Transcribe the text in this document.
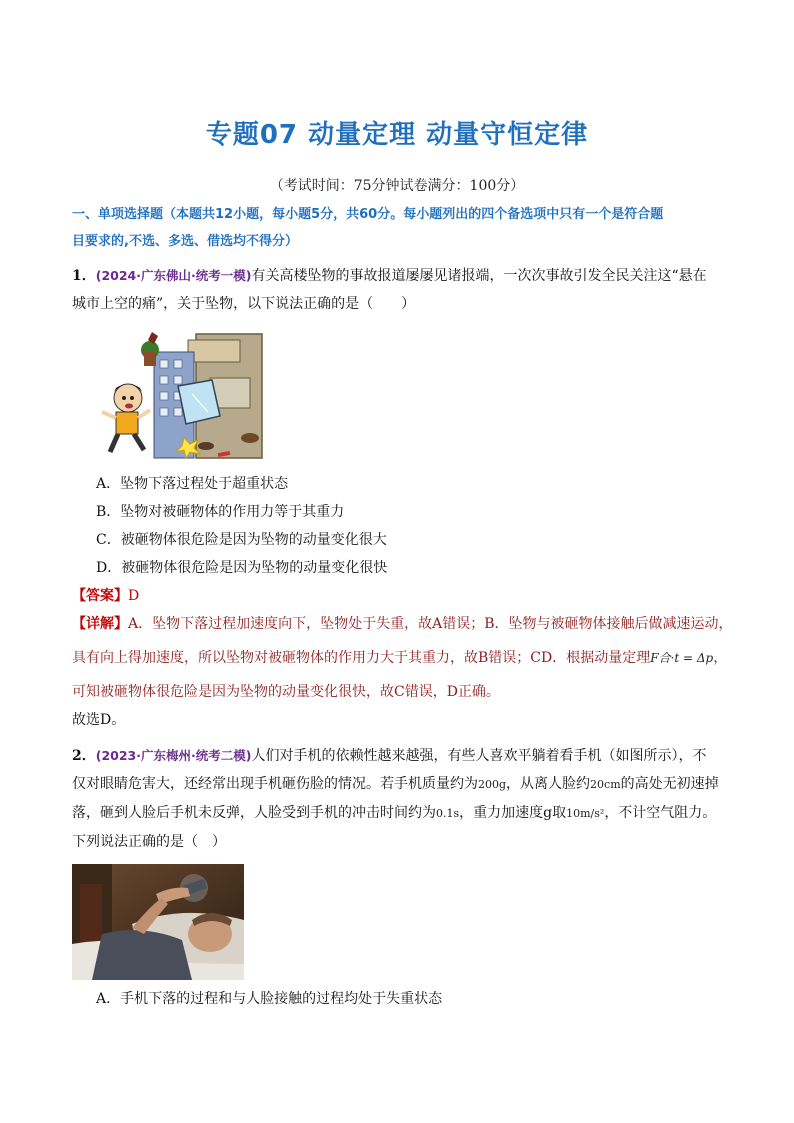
专题07 动量定理 动量守恒定律
（考试时间：75分钟试卷满分：100分）
一、单项选择题（本题共12小题，每小题5分，共60分。每小题列出的四个备选项中只有一个是符合题
目要求的,不选、多选、借选均不得分）
1．(2024·广东佛山·统考一模)有关高楼坠物的事故报道屡屡见诸报端，一次次事故引发全民关注这“悬在
城市上空的痛”，关于坠物，以下说法正确的是（　　）
A．坠物下落过程处于超重状态
B．坠物对被砸物体的作用力等于其重力
C．被砸物体很危险是因为坠物的动量变化很大
D．被砸物体很危险是因为坠物的动量变化很快
【答案】D
【详解】A．坠物下落过程加速度向下，坠物处于失重，故A错误；B．坠物与被砸物体接触后做减速运动，
具有向上得加速度，所以坠物对被砸物体的作用力大于其重力，故B错误；CD．根据动量定理F合·t = Δp，
可知被砸物体很危险是因为坠物的动量变化很快，故C错误，D正确。
故选D。
2．(2023·广东梅州·统考二模)人们对手机的依赖性越来越强，有些人喜欢平躺着看手机（如图所示），不
仅对眼睛危害大，还经常出现手机砸伤脸的情况。若手机质量约为200g，从离人脸约20cm的高处无初速掉
落，砸到人脸后手机未反弹，人脸受到手机的冲击时间约为0.1s，重力加速度g取10m/s²，不计空气阻力。
下列说法正确的是（　）
A．手机下落的过程和与人脸接触的过程均处于失重状态
